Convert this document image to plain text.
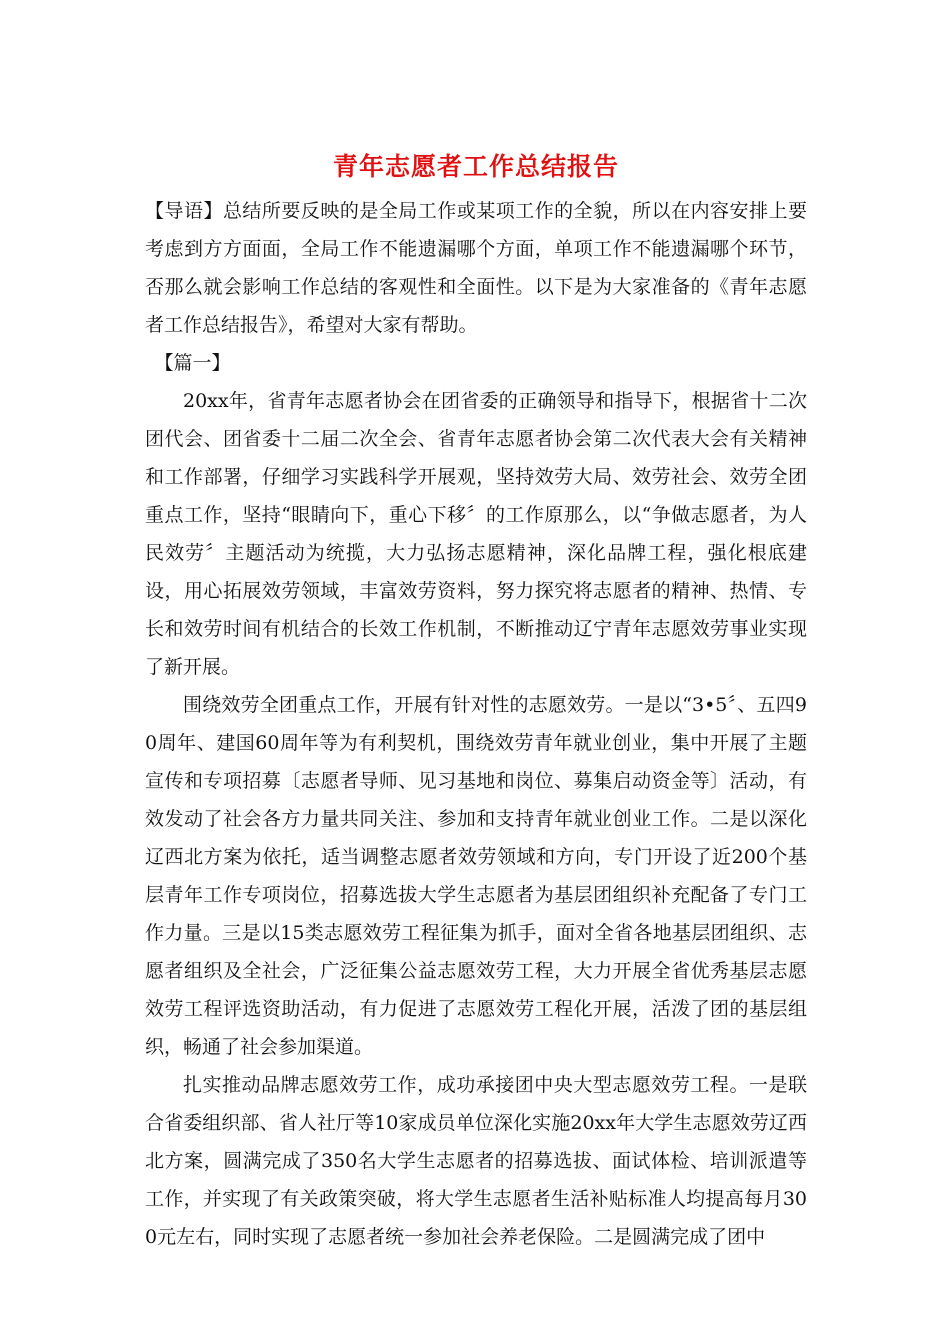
青年志愿者工作总结报告

【导语】总结所要反映的是全局工作或某项工作的全貌，所以在内容安排上要考虑到方方面面，全局工作不能遗漏哪个方面，单项工作不能遗漏哪个环节，否那么就会影响工作总结的客观性和全面性。以下是为大家准备的《青年志愿者工作总结报告》，希望对大家有帮助。

【篇一】

20xx年，省青年志愿者协会在团省委的正确领导和指导下，根据省十二次团代会、团省委十二届二次全会、省青年志愿者协会第二次代表大会有关精神和工作部署，仔细学习实践科学开展观，坚持效劳大局、效劳社会、效劳全团重点工作，坚持“眼睛向下，重心下移〞的工作原那么，以“争做志愿者，为人民效劳〞主题活动为统揽，大力弘扬志愿精神，深化品牌工程，强化根底建设，用心拓展效劳领域，丰富效劳资料，努力探究将志愿者的精神、热情、专长和效劳时间有机结合的长效工作机制，不断推动辽宁青年志愿效劳事业实现了新开展。

围绕效劳全团重点工作，开展有针对性的志愿效劳。一是以“3•5〞、五四90周年、建国60周年等为有利契机，围绕效劳青年就业创业，集中开展了主题宣传和专项招募〔志愿者导师、见习基地和岗位、募集启动资金等〕活动，有效发动了社会各方力量共同关注、参加和支持青年就业创业工作。二是以深化辽西北方案为依托，适当调整志愿者效劳领域和方向，专门开设了近200个基层青年工作专项岗位，招募选拔大学生志愿者为基层团组织补充配备了专门工作力量。三是以15类志愿效劳工程征集为抓手，面对全省各地基层团组织、志愿者组织及全社会，广泛征集公益志愿效劳工程，大力开展全省优秀基层志愿效劳工程评选资助活动，有力促进了志愿效劳工程化开展，活泼了团的基层组织，畅通了社会参加渠道。

扎实推动品牌志愿效劳工作，成功承接团中央大型志愿效劳工程。一是联合省委组织部、省人社厅等10家成员单位深化实施20xx年大学生志愿效劳辽西北方案，圆满完成了350名大学生志愿者的招募选拔、面试体检、培训派遣等工作，并实现了有关政策突破，将大学生志愿者生活补贴标准人均提高每月300元左右，同时实现了志愿者统一参加社会养老保险。二是圆满完成了团中
